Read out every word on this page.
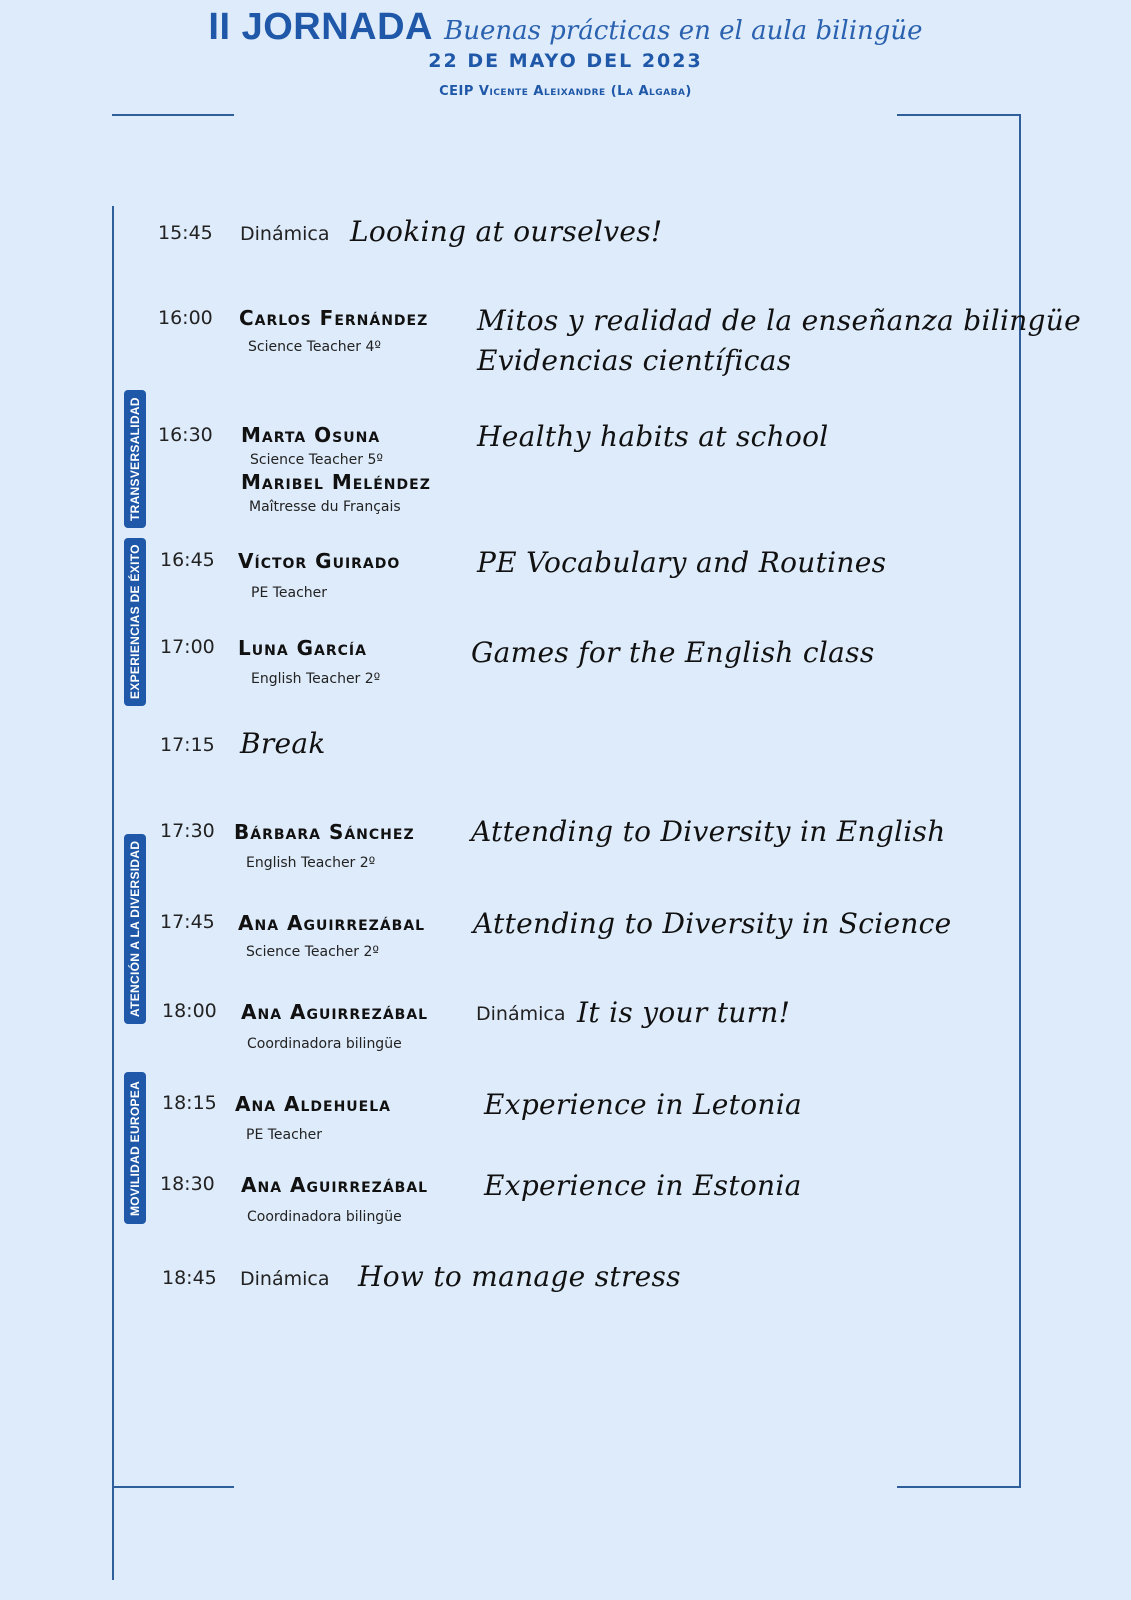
II JORNADA Buenas prácticas en el aula bilingüe
22 DE MAYO DEL 2023
CEIP Vicente Aleixandre (La Algaba)
TRANSVERSALIDAD
EXPERIENCIAS DE ÉXITO
ATENCIÓN A LA DIVERSIDAD
MOVILIDAD EUROPEA
15:45 Dinámica Looking at ourselves!
16:00 Carlos Fernández
Science Teacher 4º
Mitos y realidad de la enseñanza bilingüe
Evidencias científicas
16:30 Marta Osuna
Science Teacher 5º
Maribel Meléndez
Maîtresse du Français
Healthy habits at school
16:45 Víctor Guirado
PE Teacher
PE Vocabulary and Routines
17:00 Luna García
English Teacher 2º
Games for the English class
17:15 Break
17:30 Bárbara Sánchez
English Teacher 2º
Attending to Diversity in English
17:45 Ana Aguirrezábal
Science Teacher 2º
Attending to Diversity in Science
18:00 Ana Aguirrezábal
Coordinadora bilingüe
Dinámica It is your turn!
18:15 Ana Aldehuela
PE Teacher
Experience in Letonia
18:30 Ana Aguirrezábal
Coordinadora bilingüe
Experience in Estonia
18:45 Dinámica How to manage stress
